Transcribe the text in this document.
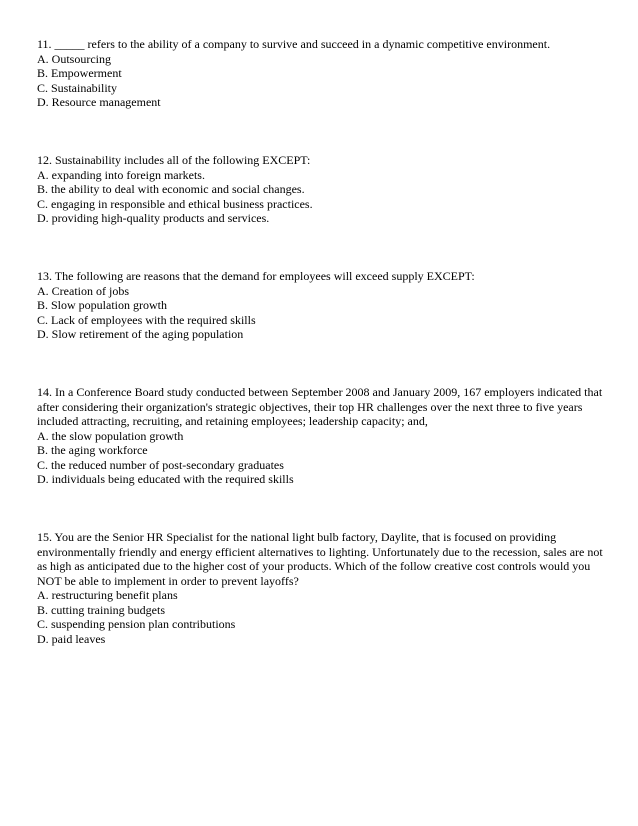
11. _____ refers to the ability of a company to survive and succeed in a dynamic competitive environment.
A. Outsourcing
B. Empowerment
C. Sustainability
D. Resource management
12. Sustainability includes all of the following EXCEPT:
A. expanding into foreign markets.
B. the ability to deal with economic and social changes.
C. engaging in responsible and ethical business practices.
D. providing high-quality products and services.
13. The following are reasons that the demand for employees will exceed supply EXCEPT:
A. Creation of jobs
B. Slow population growth
C. Lack of employees with the required skills
D. Slow retirement of the aging population
14. In a Conference Board study conducted between September 2008 and January 2009, 167 employers indicated that after considering their organization's strategic objectives, their top HR challenges over the next three to five years included attracting, recruiting, and retaining employees; leadership capacity; and,
A. the slow population growth
B. the aging workforce
C. the reduced number of post-secondary graduates
D. individuals being educated with the required skills
15. You are the Senior HR Specialist for the national light bulb factory, Daylite, that is focused on providing environmentally friendly and energy efficient alternatives to lighting. Unfortunately due to the recession, sales are not as high as anticipated due to the higher cost of your products. Which of the follow creative cost controls would you NOT be able to implement in order to prevent layoffs?
A. restructuring benefit plans
B. cutting training budgets
C. suspending pension plan contributions
D. paid leaves
